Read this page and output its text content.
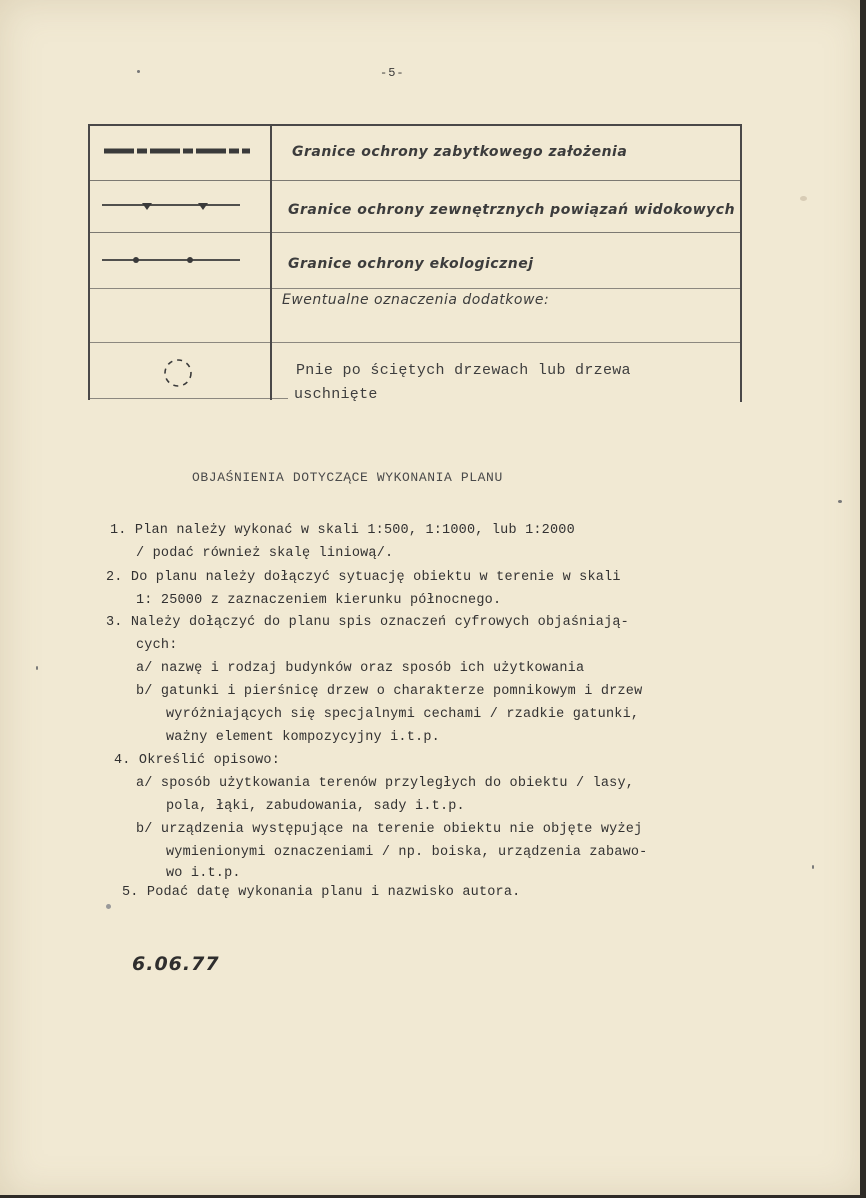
-5-
Granice ochrony zabytkowego założenia
Granice ochrony zewnętrznych powiązań widokowych
Granice ochrony ekologicznej
Ewentualne oznaczenia dodatkowe:
Pnie po ściętych drzewach lub drzewa
uschnięte
OBJAŚNIENIA DOTYCZĄCE WYKONANIA PLANU
1. Plan należy wykonać w skali 1:500, 1:1000, lub 1:2000
/ podać również skalę liniową/.
2. Do planu należy dołączyć sytuację obiektu w terenie w skali
1: 25000 z zaznaczeniem kierunku północnego.
3. Należy dołączyć do planu spis oznaczeń cyfrowych objaśniają-
cych:
a/ nazwę i rodzaj budynków oraz sposób ich użytkowania
b/ gatunki i pierśnicę drzew o charakterze pomnikowym i drzew
wyróżniających się specjalnymi cechami / rzadkie gatunki,
ważny element kompozycyjny i.t.p.
4. Określić opisowo:
a/ sposób użytkowania terenów przyległych do obiektu / lasy,
pola, łąki, zabudowania, sady i.t.p.
b/ urządzenia występujące na terenie obiektu nie objęte wyżej
wymienionymi oznaczeniami / np. boiska, urządzenia zabawo-
wo i.t.p.
5. Podać datę wykonania planu i nazwisko autora.
6.06.77
